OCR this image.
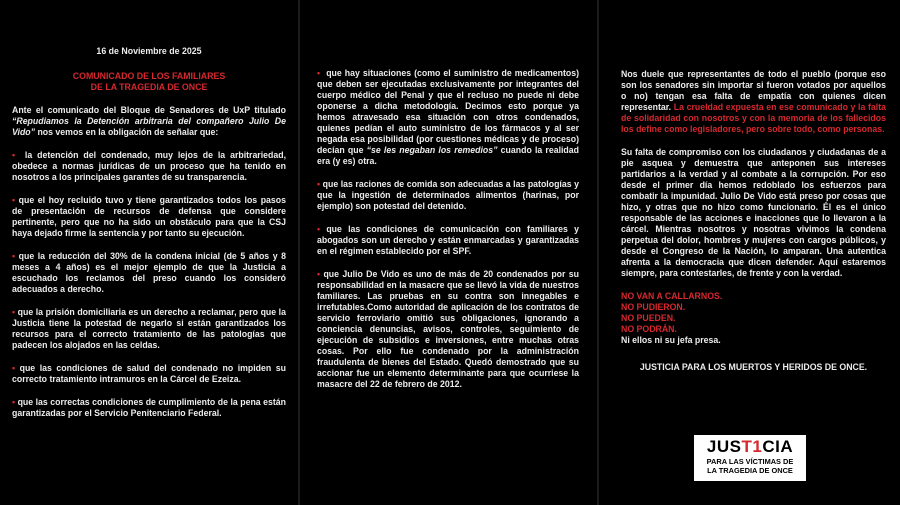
16 de Noviembre de 2025

COMUNICADO DE LOS FAMILIARES
DE LA TRAGEDIA DE ONCE

Ante el comunicado del Bloque de Senadores de UxP titulado “Repudiamos la Detención arbitraria del compañero Julio De Vido” nos vemos en la obligación de señalar que:

• la detención del condenado, muy lejos de la arbitrariedad, obedece a normas jurídicas de un proceso que ha tenido en nosotros a los principales garantes de su transparencia.

• que el hoy recluido tuvo y tiene garantizados todos los pasos de presentación de recursos de defensa que considere pertinente, pero que no ha sido un obstáculo para que la CSJ haya dejado firme la sentencia y por tanto su ejecución.

• que la reducción del 30% de la condena inicial (de 5 años y 8 meses a 4 años) es el mejor ejemplo de que la Justicia a escuchado los reclamos del preso cuando los consideró adecuados a derecho.

• que la prisión domiciliaria es un derecho a reclamar, pero que la Justicia tiene la potestad de negarlo si están garantizados los recursos para el correcto tratamiento de las patologías que padecen los alojados en las celdas.

• que las condiciones de salud del condenado no impiden su correcto tratamiento intramuros en la Cárcel de Ezeiza.

• que las correctas condiciones de cumplimiento de la pena están garantizadas por el Servicio Penitenciario Federal.

• que hay situaciones (como el suministro de medicamentos) que deben ser ejecutadas exclusivamente por integrantes del cuerpo médico del Penal y que el recluso no puede ni debe oponerse a dicha metodología. Decimos esto porque ya hemos atravesado esa situación con otros condenados, quienes pedían el auto suministro de los fármacos y al ser negada esa posibilidad (por cuestiones médicas y de proceso) decían que “se les negaban los remedios” cuando la realidad era (y es) otra.

• que las raciones de comida son adecuadas a las patologías y que la ingestión de determinados alimentos (harinas, por ejemplo) son potestad del detenido.

• que las condiciones de comunicación con familiares y abogados son un derecho y están enmarcadas y garantizadas en el régimen establecido por el SPF.

• que Julio De Vido es uno de más de 20 condenados por su responsabilidad en la masacre que se llevó la vida de nuestros familiares. Las pruebas en su contra son innegables e irrefutables.Como autoridad de aplicación de los contratos de servicio ferroviario omitió sus obligaciones, ignorando a conciencia denuncias, avisos, controles, seguimiento de ejecución de subsidios e inversiones, entre muchas otras cosas. Por ello fue condenado por la administración fraudulenta de bienes del Estado. Quedó demostrado que su accionar fue un elemento determinante para que ocurriese la masacre del 22 de febrero de 2012.

Nos duele que representantes de todo el pueblo (porque eso son los senadores sin importar si fueron votados por aquellos o no) tengan esa falta de empatía con quienes dicen representar. La crueldad expuesta en ese comunicado y la falta de solidaridad con nosotros y con la memoria de los fallecidos los define como legisladores, pero sobre todo, como personas.

Su falta de compromiso con los ciudadanos y ciudadanas de a pie asquea y demuestra que anteponen sus intereses partidarios a la verdad y al combate a la corrupción. Por eso desde el primer día hemos redoblado los esfuerzos para combatir la impunidad. Julio De Vido está preso por cosas que hizo, y otras que no hizo como funcionario. Él es el único responsable de las acciones e inacciones que lo llevaron a la cárcel. Mientras nosotros y nosotras vivimos la condena perpetua del dolor, hombres y mujeres con cargos públicos, y desde el Congreso de la Nación, lo amparan. Una autentica afrenta a la democracia que dicen defender. Aquí estaremos siempre, para contestarles, de frente y con la verdad.

NO VAN A CALLARNOS.
NO PUDIERON.
NO PUEDEN.
NO PODRÁN.
Ni ellos ni su jefa presa.

JUSTICIA PARA LOS MUERTOS Y HERIDOS DE ONCE.

JUST1CIA
PARA LAS VÍCTIMAS DE
LA TRAGEDIA DE ONCE
